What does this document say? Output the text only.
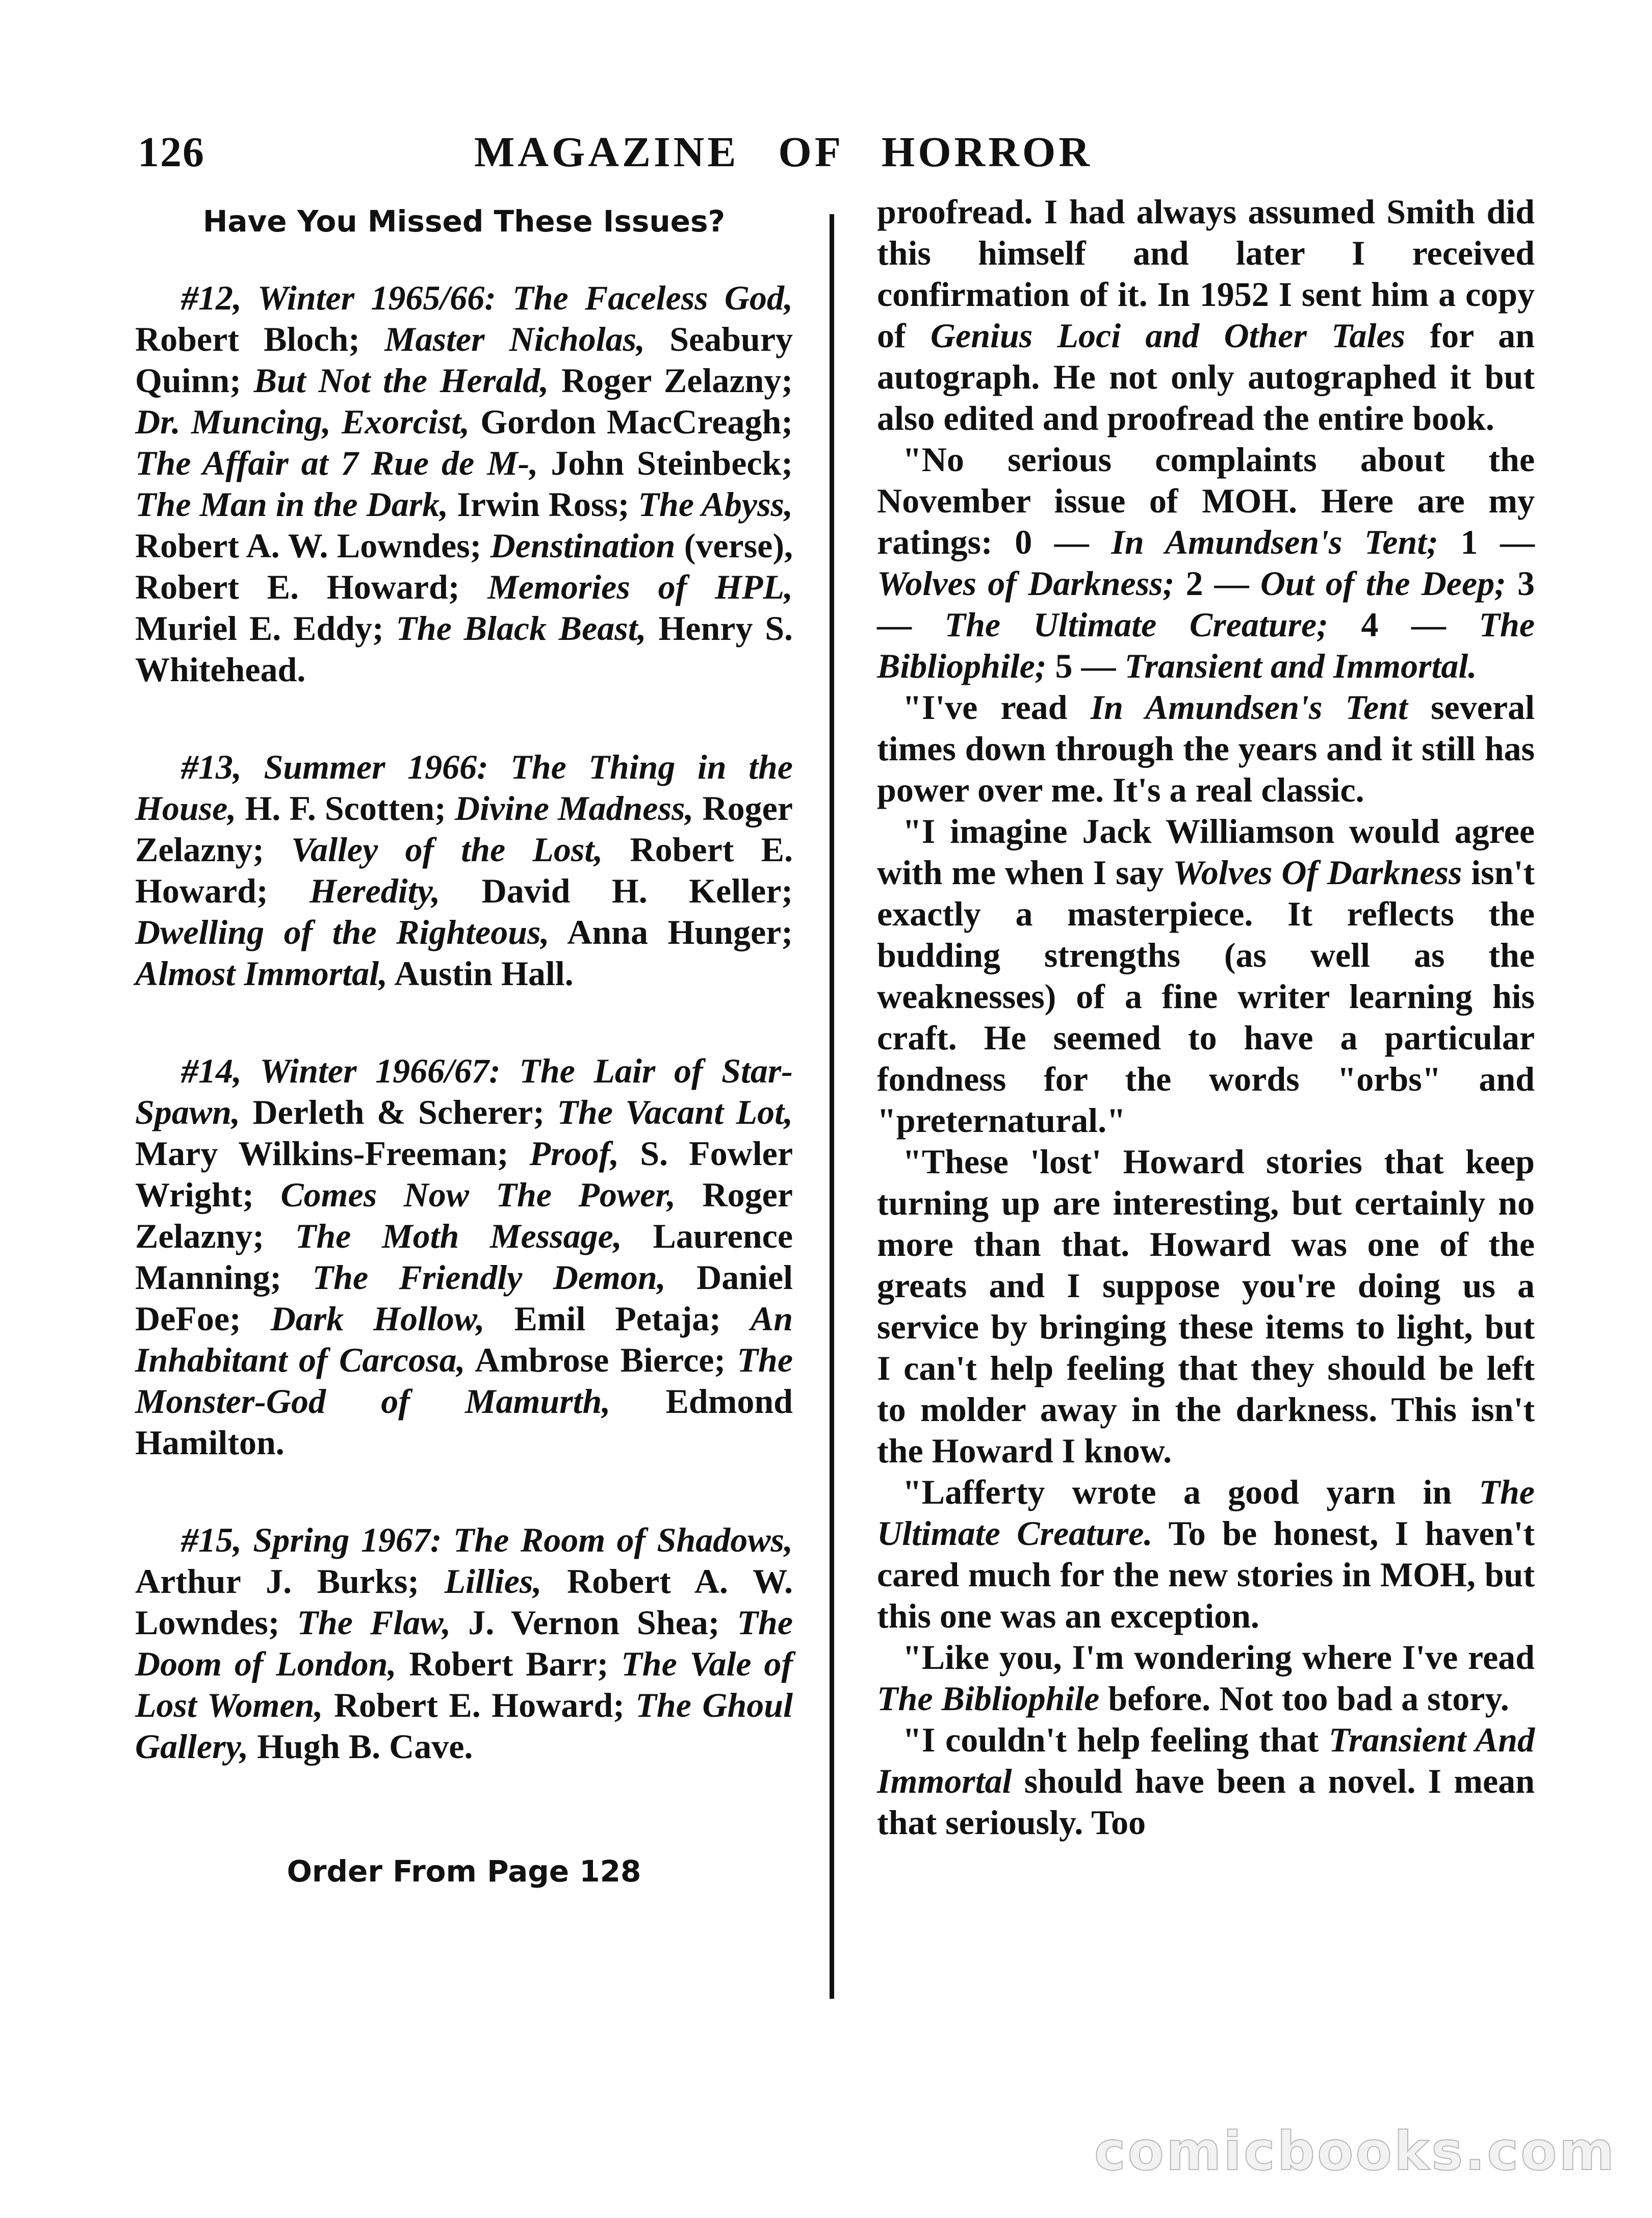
126	MAGAZINE OF HORROR
Have You Missed These Issues?

#12, Winter 1965/66: The Faceless God, Robert Bloch; Master Nicholas, Seabury Quinn; But Not the Herald, Roger Zelazny; Dr. Muncing, Exorcist, Gordon MacCreagh; The Affair at 7 Rue de M-, John Steinbeck; The Man in the Dark, Irwin Ross; The Abyss, Robert A. W. Lowndes; Denstination (verse), Robert E. Howard; Memories of HPL, Muriel E. Eddy; The Black Beast, Henry S. Whitehead.

#13, Summer 1966: The Thing in the House, H. F. Scotten; Divine Madness, Roger Zelazny; Valley of the Lost, Robert E. Howard; Heredity, David H. Keller; Dwelling of the Righteous, Anna Hunger; Almost Immortal, Austin Hall.

#14, Winter 1966/67: The Lair of Star-Spawn, Derleth & Scherer; The Vacant Lot, Mary Wilkins-Freeman; Proof, S. Fowler Wright; Comes Now The Power, Roger Zelazny; The Moth Message, Laurence Manning; The Friendly Demon, Daniel DeFoe; Dark Hollow, Emil Petaja; An Inhabitant of Carcosa, Ambrose Bierce; The Monster-God of Mamurth, Edmond Hamilton.

#15, Spring 1967: The Room of Shadows, Arthur J. Burks; Lillies, Robert A. W. Lowndes; The Flaw, J. Vernon Shea; The Doom of London, Robert Barr; The Vale of Lost Women, Robert E. Howard; The Ghoul Gallery, Hugh B. Cave.

Order From Page 128

proofread. I had always assumed Smith did this himself and later I received confirmation of it. In 1952 I sent him a copy of Genius Loci and Other Tales for an autograph. He not only autographed it but also edited and proofread the entire book.

"No serious complaints about the November issue of MOH. Here are my ratings: 0 — In Amundsen's Tent; 1 — Wolves of Darkness; 2 — Out of the Deep; 3 — The Ultimate Creature; 4 — The Bibliophile; 5 — Transient and Immortal.

"I've read In Amundsen's Tent several times down through the years and it still has power over me. It's a real classic.

"I imagine Jack Williamson would agree with me when I say Wolves Of Darkness isn't exactly a masterpiece. It reflects the budding strengths (as well as the weaknesses) of a fine writer learning his craft. He seemed to have a particular fondness for the words "orbs" and "preternatural."

"These 'lost' Howard stories that keep turning up are interesting, but certainly no more than that. Howard was one of the greats and I suppose you're doing us a service by bringing these items to light, but I can't help feeling that they should be left to molder away in the darkness. This isn't the Howard I know.

"Lafferty wrote a good yarn in The Ultimate Creature. To be honest, I haven't cared much for the new stories in MOH, but this one was an exception.

"Like you, I'm wondering where I've read The Bibliophile before. Not too bad a story.

"I couldn't help feeling that Transient And Immortal should have been a novel. I mean that seriously. Too

comicbooks.com
